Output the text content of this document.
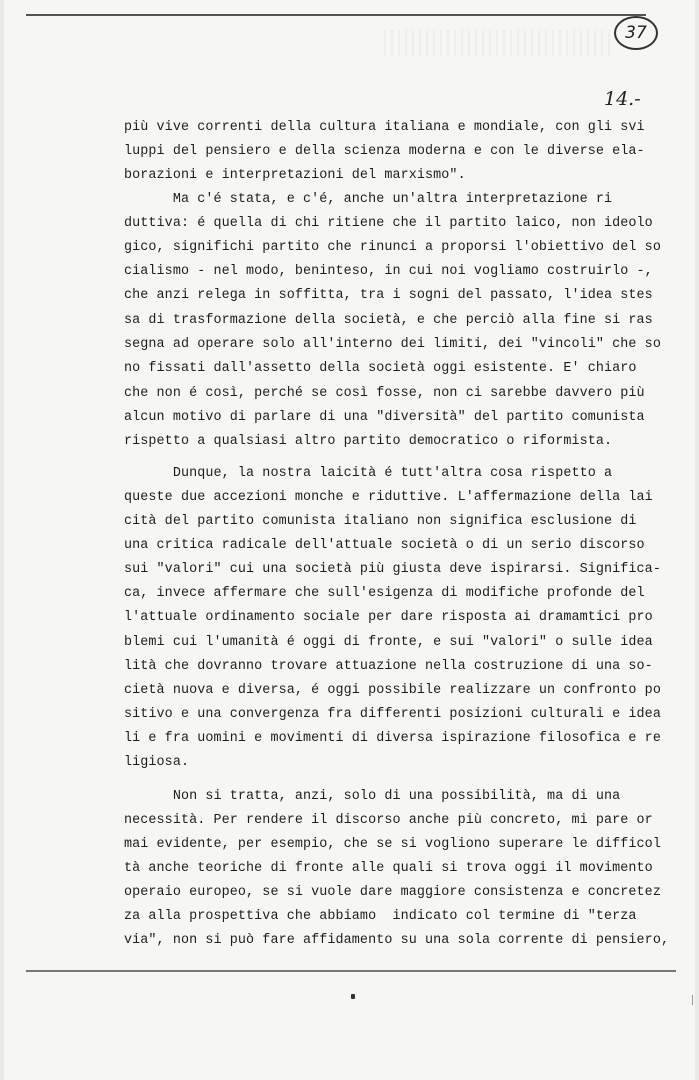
37
14.-
più vive correnti della cultura italiana e mondiale, con gli svi
luppi del pensiero e della scienza moderna e con le diverse ela-
borazioni e interpretazioni del marxismo".
Ma c'é stata, e c'é, anche un'altra interpretazione ri
duttiva: é quella di chi ritiene che il partito laico, non ideolo
gico, significhi partito che rinunci a proporsi l'obiettivo del so
cialismo - nel modo, beninteso, in cui noi vogliamo costruirlo -,
che anzi relega in soffitta, tra i sogni del passato, l'idea stes
sa di trasformazione della società, e che perciò alla fine si ras
segna ad operare solo all'interno dei limiti, dei "vincoli" che so
no fissati dall'assetto della società oggi esistente. E' chiaro
che non é così, perché se così fosse, non ci sarebbe davvero più
alcun motivo di parlare di una "diversità" del partito comunista
rispetto a qualsiasi altro partito democratico o riformista.
Dunque, la nostra laicità é tutt'altra cosa rispetto a
queste due accezioni monche e riduttive. L'affermazione della lai
cità del partito comunista italiano non significa esclusione di
una critica radicale dell'attuale società o di un serio discorso
sui "valori" cui una società più giusta deve ispirarsi. Significa-
ca, invece affermare che sull'esigenza di modifiche profonde del
l'attuale ordinamento sociale per dare risposta ai dramamtici pro
blemi cui l'umanità é oggi di fronte, e sui "valori" o sulle idea
lità che dovranno trovare attuazione nella costruzione di una so-
cietà nuova e diversa, é oggi possibile realizzare un confronto po
sitivo e una convergenza fra differenti posizioni culturali e idea
li e fra uomini e movimenti di diversa ispirazione filosofica e re
ligiosa.
Non si tratta, anzi, solo di una possibilità, ma di una
necessità. Per rendere il discorso anche più concreto, mi pare or
mai evidente, per esempio, che se si vogliono superare le difficol
tà anche teoriche di fronte alle quali si trova oggi il movimento
operaio europeo, se si vuole dare maggiore consistenza e concretez
za alla prospettiva che abbiamo  indicato col termine di "terza
via", non si può fare affidamento su una sola corrente di pensiero,
